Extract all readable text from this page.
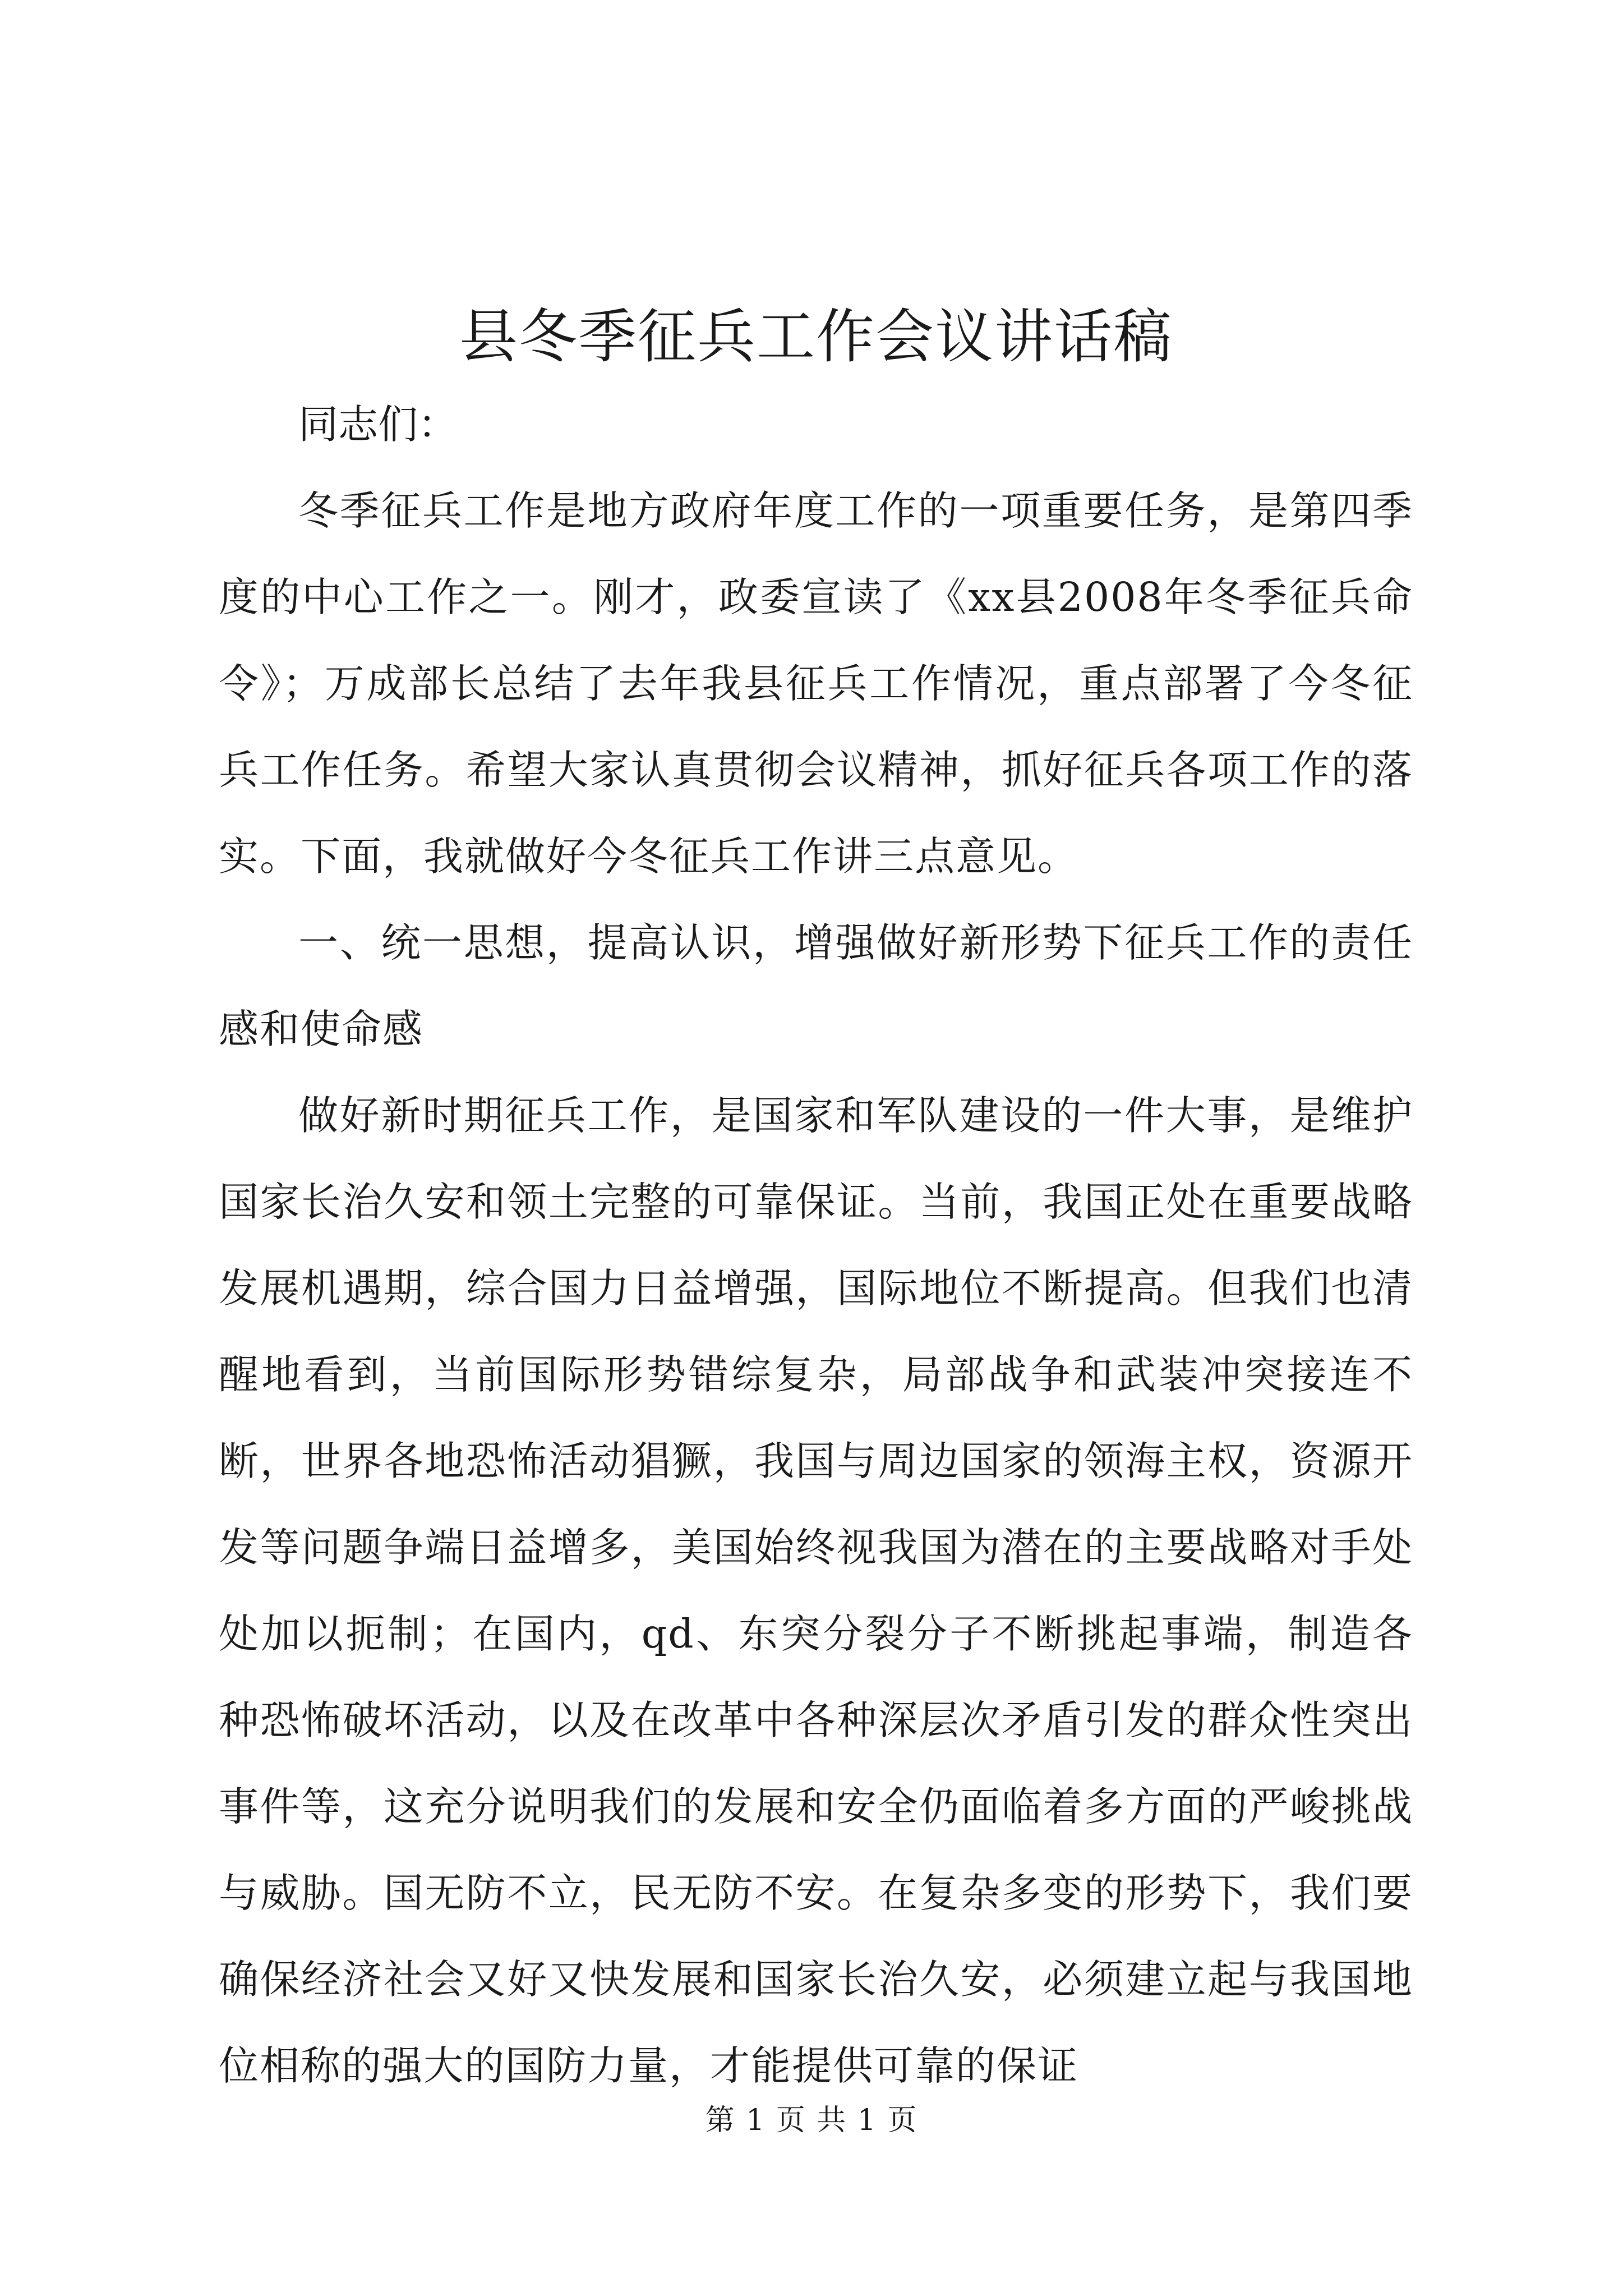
县冬季征兵工作会议讲话稿

同志们：

冬季征兵工作是地方政府年度工作的一项重要任务，是第四季度的中心工作之一。刚才，政委宣读了《xx县2008年冬季征兵命令》；万成部长总结了去年我县征兵工作情况，重点部署了今冬征兵工作任务。希望大家认真贯彻会议精神，抓好征兵各项工作的落实。下面，我就做好今冬征兵工作讲三点意见。

一、统一思想，提高认识，增强做好新形势下征兵工作的责任感和使命感

做好新时期征兵工作，是国家和军队建设的一件大事，是维护国家长治久安和领土完整的可靠保证。当前，我国正处在重要战略发展机遇期，综合国力日益增强，国际地位不断提高。但我们也清醒地看到，当前国际形势错综复杂，局部战争和武装冲突接连不断，世界各地恐怖活动猖獗，我国与周边国家的领海主权，资源开发等问题争端日益增多，美国始终视我国为潜在的主要战略对手处处加以扼制；在国内，qd、东突分裂分子不断挑起事端，制造各种恐怖破坏活动，以及在改革中各种深层次矛盾引发的群众性突出事件等，这充分说明我们的发展和安全仍面临着多方面的严峻挑战与威胁。国无防不立，民无防不安。在复杂多变的形势下，我们要确保经济社会又好又快发展和国家长治久安，必须建立起与我国地位相称的强大的国防力量，才能提供可靠的保证

第 1 页 共 1 页
